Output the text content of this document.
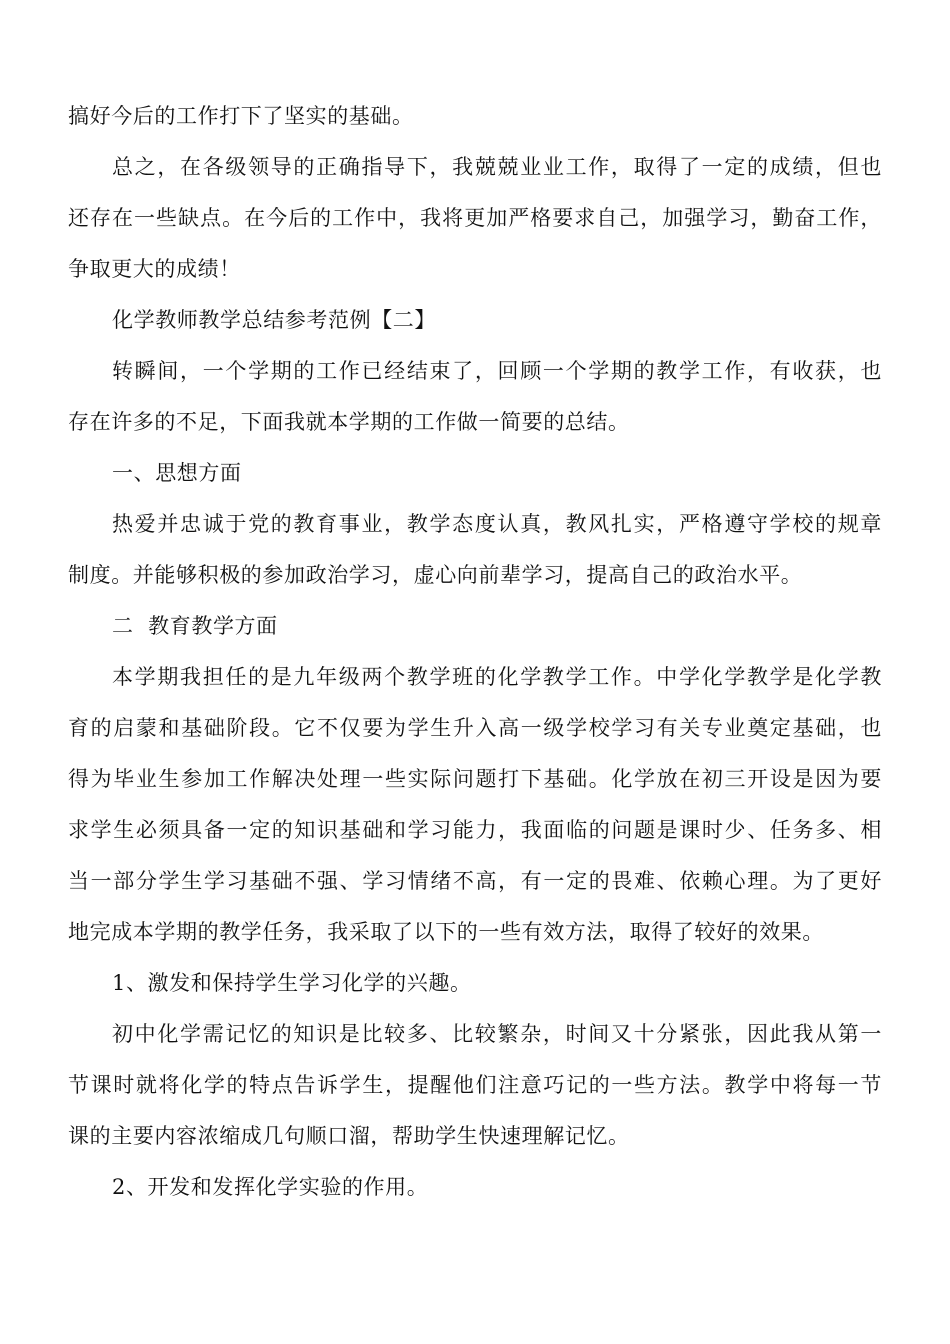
搞好今后的工作打下了坚实的基础。
总之，在各级领导的正确指导下，我兢兢业业工作，取得了一定的成绩，但也
还存在一些缺点。在今后的工作中，我将更加严格要求自己，加强学习，勤奋工作，
争取更大的成绩！
化学教师教学总结参考范例【二】
转瞬间，一个学期的工作已经结束了，回顾一个学期的教学工作，有收获，也
存在许多的不足，下面我就本学期的工作做一简要的总结。
一、思想方面
热爱并忠诚于党的教育事业，教学态度认真，教风扎实，严格遵守学校的规章
制度。并能够积极的参加政治学习，虚心向前辈学习，提高自己的政治水平。
二  教育教学方面
本学期我担任的是九年级两个教学班的化学教学工作。中学化学教学是化学教
育的启蒙和基础阶段。它不仅要为学生升入高一级学校学习有关专业奠定基础，也
得为毕业生参加工作解决处理一些实际问题打下基础。化学放在初三开设是因为要
求学生必须具备一定的知识基础和学习能力，我面临的问题是课时少、任务多、相
当一部分学生学习基础不强、学习情绪不高，有一定的畏难、依赖心理。为了更好
地完成本学期的教学任务，我采取了以下的一些有效方法，取得了较好的效果。
1、激发和保持学生学习化学的兴趣。
初中化学需记忆的知识是比较多、比较繁杂，时间又十分紧张，因此我从第一
节课时就将化学的特点告诉学生，提醒他们注意巧记的一些方法。教学中将每一节
课的主要内容浓缩成几句顺口溜，帮助学生快速理解记忆。
2、开发和发挥化学实验的作用。
